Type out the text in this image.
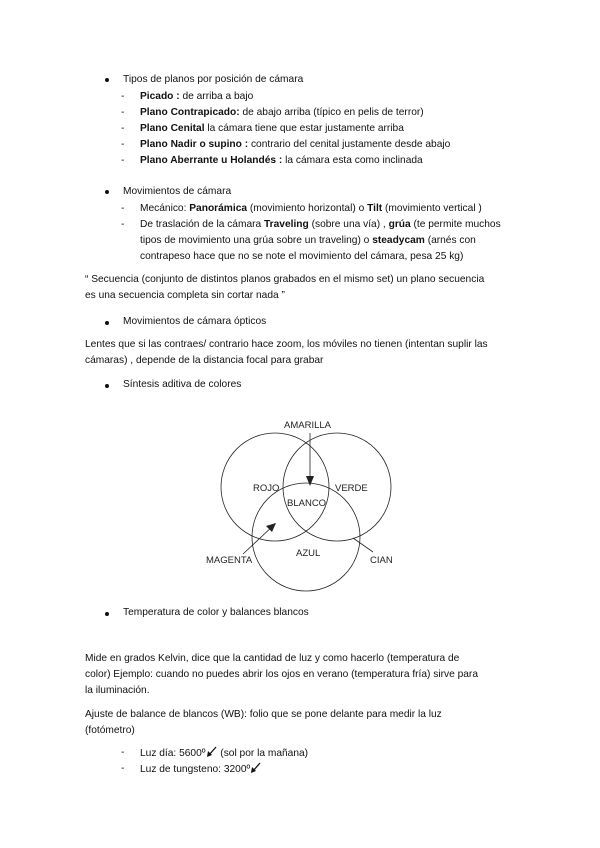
Tipos de planos por posición de cámara
- Picado : de arriba a bajo
- Plano Contrapicado: de abajo arriba (típico en pelis de terror)
- Plano Cenital la cámara tiene que estar justamente arriba
- Plano Nadir o supino : contrario del cenital justamente desde abajo
- Plano Aberrante u Holandés : la cámara esta como inclinada
Movimientos de cámara
- Mecánico: Panorámica (movimiento horizontal) o Tilt (movimiento vertical )
- De traslación de la cámara Traveling (sobre una vía) , grúa (te permite muchos
tipos de movimiento una grúa sobre un traveling) o steadycam (arnés con
contrapeso hace que no se note el movimiento del cámara, pesa 25 kg)
“ Secuencia (conjunto de distintos planos grabados en el mismo set) un plano secuencia
es una secuencia completa sin cortar nada ”
Movimientos de cámara ópticos
Lentes que si las contraes/ contrario hace zoom, los móviles no tienen (intentan suplir las
cámaras) , depende de la distancia focal para grabar
Síntesis aditiva de colores
AMARILLA
ROJO	VERDE
BLANCO
AZUL
MAGENTA	CIAN
Temperatura de color y balances blancos
Mide en grados Kelvin, dice que la cantidad de luz y como hacerlo (temperatura de
color) Ejemplo: cuando no puedes abrir los ojos en verano (temperatura fría) sirve para
la iluminación.
Ajuste de balance de blancos (WB): folio que se pone delante para medir la luz
(fotómetro)
- Luz día: 5600º (sol por la mañana)
- Luz de tungsteno: 3200º
